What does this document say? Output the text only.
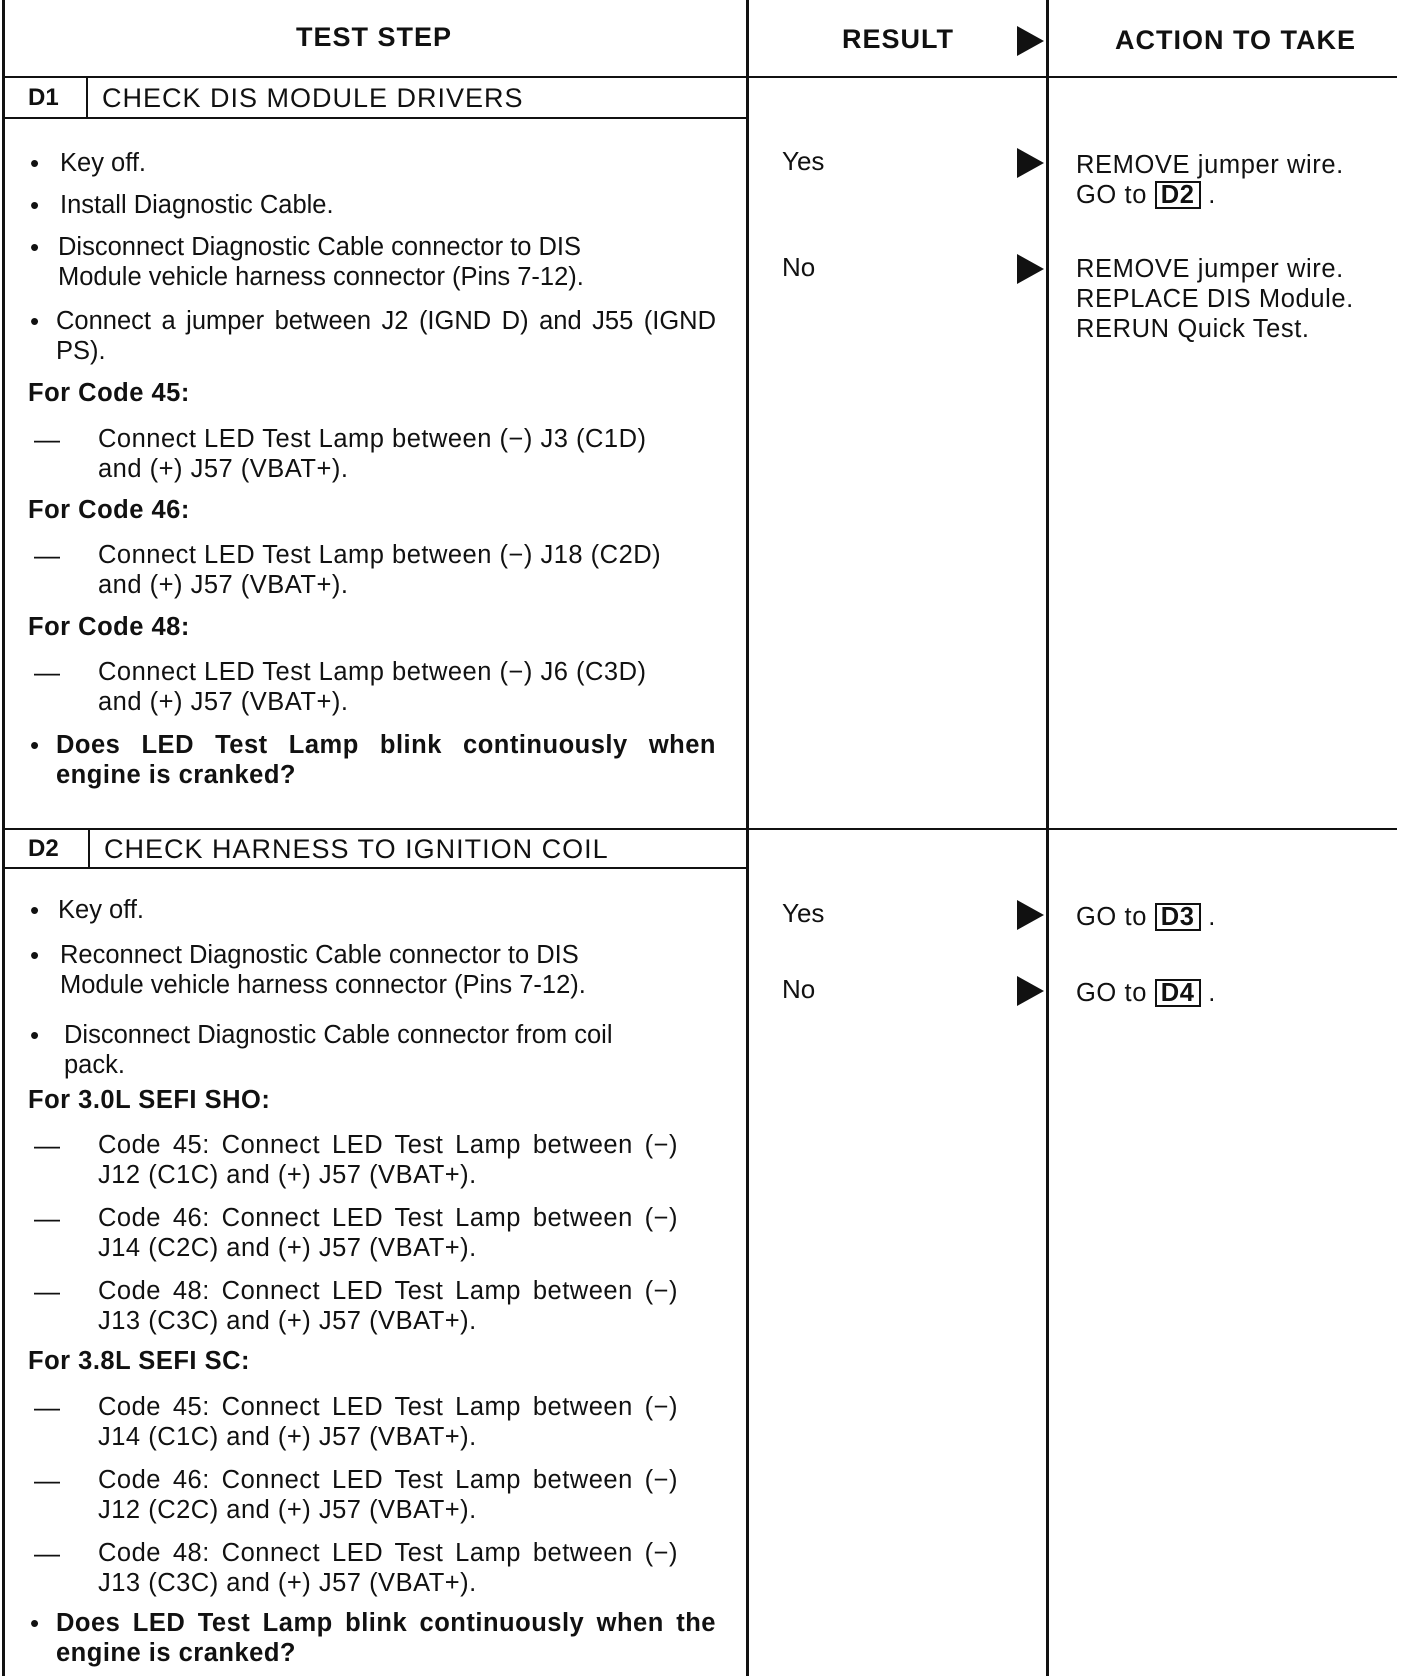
TEST STEP	RESULT	ACTION TO TAKE
D1 CHECK DIS MODULE DRIVERS
• Key off.
• Install Diagnostic Cable.
• Disconnect Diagnostic Cable connector to DIS Module vehicle harness connector (Pins 7-12).
• Connect a jumper between J2 (IGND D) and J55 (IGND PS).
For Code 45:
— Connect LED Test Lamp between (−) J3 (C1D) and (+) J57 (VBAT+).
For Code 46:
— Connect LED Test Lamp between (−) J18 (C2D) and (+) J57 (VBAT+).
For Code 48:
— Connect LED Test Lamp between (−) J6 (C3D) and (+) J57 (VBAT+).
• Does LED Test Lamp blink continuously when engine is cranked?
Yes
No
REMOVE jumper wire.
GO to D2 .
REMOVE jumper wire.
REPLACE DIS Module.
RERUN Quick Test.
D2 CHECK HARNESS TO IGNITION COIL
• Key off.
• Reconnect Diagnostic Cable connector to DIS Module vehicle harness connector (Pins 7-12).
• Disconnect Diagnostic Cable connector from coil pack.
For 3.0L SEFI SHO:
— Code 45: Connect LED Test Lamp between (−) J12 (C1C) and (+) J57 (VBAT+).
— Code 46: Connect LED Test Lamp between (−) J14 (C2C) and (+) J57 (VBAT+).
— Code 48: Connect LED Test Lamp between (−) J13 (C3C) and (+) J57 (VBAT+).
For 3.8L SEFI SC:
— Code 45: Connect LED Test Lamp between (−) J14 (C1C) and (+) J57 (VBAT+).
— Code 46: Connect LED Test Lamp between (−) J12 (C2C) and (+) J57 (VBAT+).
— Code 48: Connect LED Test Lamp between (−) J13 (C3C) and (+) J57 (VBAT+).
• Does LED Test Lamp blink continuously when the engine is cranked?
Yes
No
GO to D3 .
GO to D4 .
